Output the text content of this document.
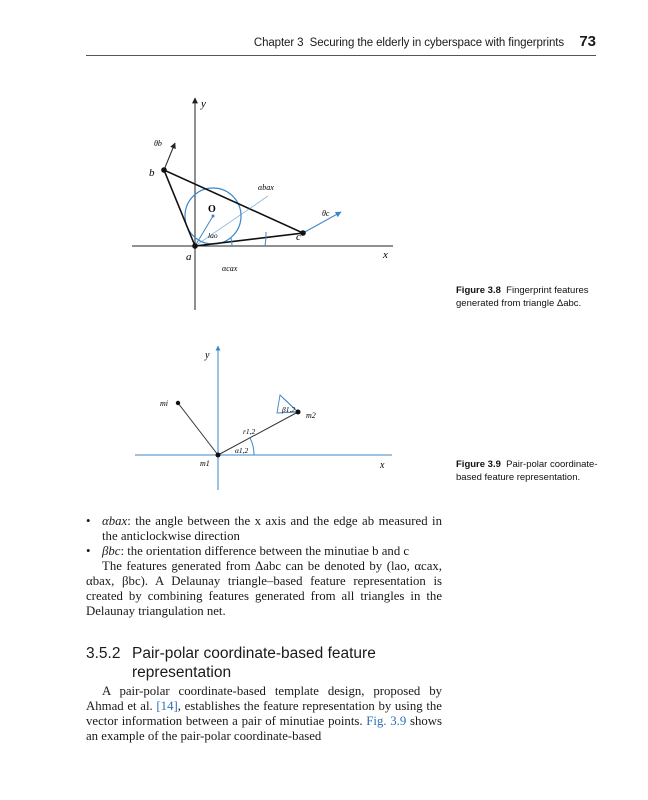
Chapter 3 Securing the elderly in cyberspace with fingerprints 73
y
x
b
a
c
O
θb
θc
αbax
αcax
lao
Figure 3.8 Fingerprint features generated from triangle Δabc.
y
x
m1
m2
mi
r1,2
α1,2
β1,2
Figure 3.9 Pair-polar coordinate-based feature representation.
• αbax: the angle between the x axis and the edge ab measured in the anticlockwise direction
• βbc: the orientation difference between the minutiae b and c
The features generated from Δabc can be denoted by (lao, αcax, αbax, βbc). A Delaunay triangle–based feature representation is created by combining features generated from all triangles in the Delaunay triangulation net.
3.5.2 Pair-polar coordinate-based feature
representation
A pair-polar coordinate-based template design, proposed by Ahmad et al. [14], establishes the feature representation by using the vector information between a pair of minutiae points. Fig. 3.9 shows an example of the pair-polar coordinate-based
